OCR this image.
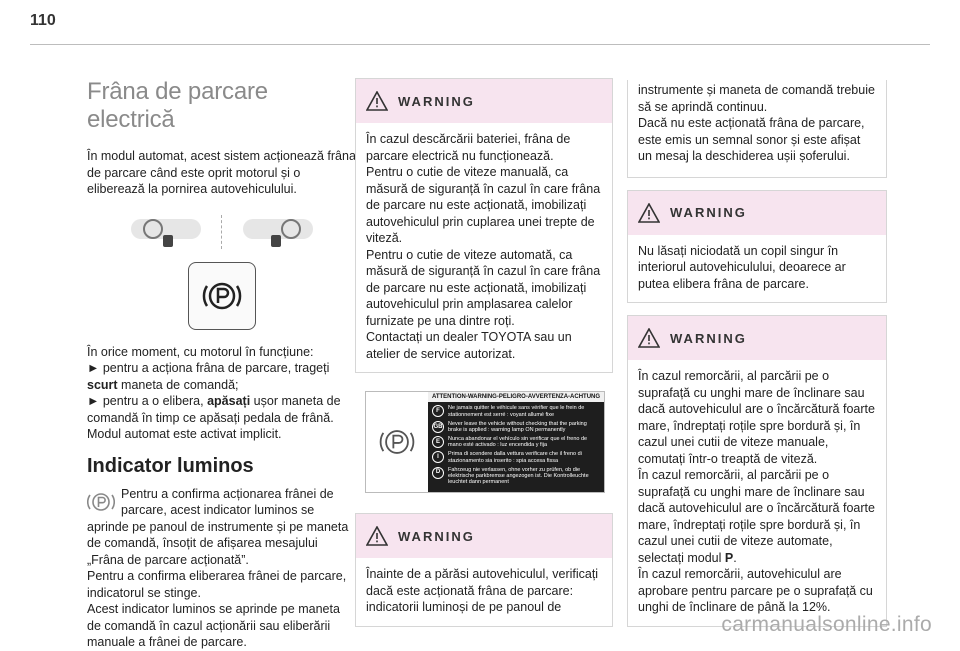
110
Frâna de parcare electrică

În modul automat, acest sistem acționează frâna de parcare când este oprit motorul și o eliberează la pornirea autovehiculului.

În orice moment, cu motorul în funcțiune:
► pentru a acționa frâna de parcare, trageți scurt maneta de comandă;
► pentru a o elibera, apăsați ușor maneta de comandă în timp ce apăsați pedala de frână.
Modul automat este activat implicit.

Indicator luminos

Pentru a confirma acționarea frânei de parcare, acest indicator luminos se aprinde pe panoul de instrumente și pe maneta de comandă, însoțit de afișarea mesajului „Frâna de parcare acționată”.
Pentru a confirma eliberarea frânei de parcare, indicatorul se stinge.
Acest indicator luminos se aprinde pe maneta de comandă în cazul acționării sau eliberării manuale a frânei de parcare.

WARNING

În cazul descărcării bateriei, frâna de parcare electrică nu funcționează.
Pentru o cutie de viteze manuală, ca măsură de siguranță în cazul în care frâna de parcare nu este acționată, imobilizați autovehiculul prin cuplarea unei trepte de viteză.
Pentru o cutie de viteze automată, ca măsură de siguranță în cazul în care frâna de parcare nu este acționată, imobilizați autovehiculul prin amplasarea calelor furnizate pe una dintre roți.
Contactați un dealer TOYOTA sau un atelier de service autorizat.

ATTENTION-WARNING-PELIGRO-AVVERTENZA-ACHTUNG
F	Ne jamais quitter le véhicule sans vérifier que le frein de stationnement est serré : voyant allumé fixe
GB Never leave the vehicle without checking that the parking brake is applied : warning lamp ON permanently
E	Nunca abandonar el vehículo sin verificar que el freno de mano esté activado : luz encendida y fija
I	Prima di scendere dalla vettura verificare che il freno di stazionamento sia inserito : spia accesa fissa
D	Fahrzeug nie verlassen, ohne vorher zu prüfen, ob die elektrische parkbremse angezogen ist. Die Kontrolleuchte leuchtet dann permanent
WARNING

Înainte de a părăsi autovehiculul, verificați dacă este acționată frâna de parcare: indicatorii luminoși de pe panoul de

instrumente și maneta de comandă trebuie să se aprindă continuu.
Dacă nu este acționată frâna de parcare, este emis un semnal sonor și este afișat un mesaj la deschiderea ușii șoferului.

WARNING

Nu lăsați niciodată un copil singur în interiorul autovehiculului, deoarece ar putea elibera frâna de parcare.

WARNING

În cazul remorcării, al parcării pe o suprafață cu unghi mare de înclinare sau dacă autovehiculul are o încărcătură foarte mare, îndreptați roțile spre bordură și, în cazul unei cutii de viteze manuale, comutați într-o treaptă de viteză.
În cazul remorcării, al parcării pe o suprafață cu unghi mare de înclinare sau dacă autovehiculul are o încărcătură foarte mare, îndreptați roțile spre bordură și, în cazul unei cutii de viteze automate, selectați modul P.
În cazul remorcării, autovehiculul are aprobare pentru parcare pe o suprafață cu unghi de înclinare de până la 12%.

carmanualsonline.info
